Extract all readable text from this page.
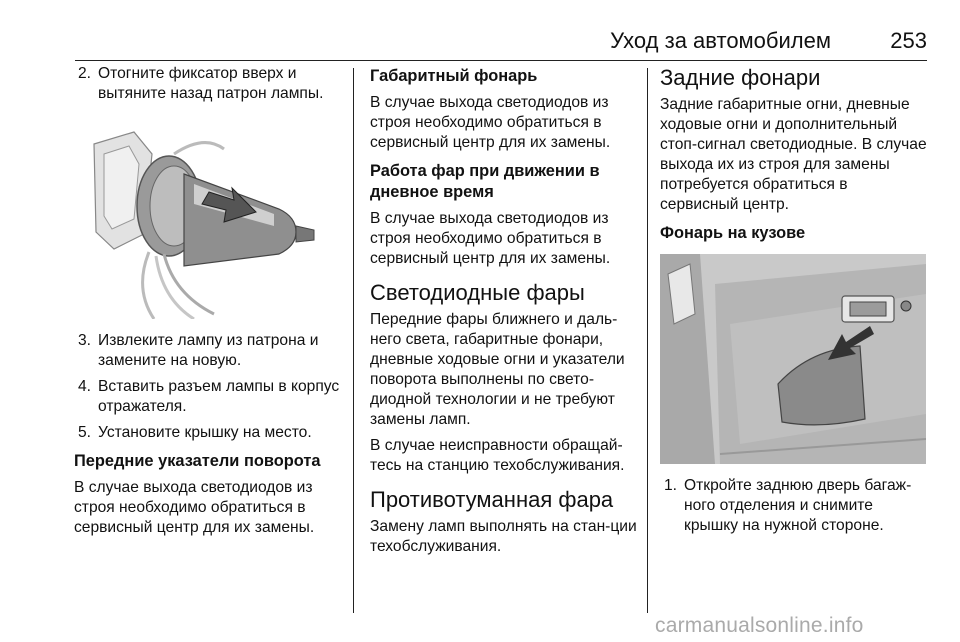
Уход за автомобилем	253
2. Отогните фиксатор вверх и вытяните назад патрон лампы.
3. Извлеките лампу из патрона и замените на новую.
4. Вставить разъем лампы в корпус отражателя.
5. Установите крышку на место.
Передние указатели поворота
В случае выхода светодиодов из строя необходимо обратиться в сервисный центр для их замены.
Габаритный фонарь
В случае выхода светодиодов из строя необходимо обратиться в сервисный центр для их замены.
Работа фар при движении в дневное время
В случае выхода светодиодов из строя необходимо обратиться в сервисный центр для их замены.
Светодиодные фары
Передние фары ближнего и даль-него света, габаритные фонари, дневные ходовые огни и указатели поворота выполнены по свето-диодной технологии и не требуют замены ламп.
В случае неисправности обращай-тесь на станцию техобслуживания.
Противотуманная фара
Замену ламп выполнять на стан-ции техобслуживания.
Задние фонари
Задние габаритные огни, дневные ходовые огни и дополнительный стоп-сигнал светодиодные. В случае выхода их из строя для замены потребуется обратиться в сервисный центр.
Фонарь на кузове
1. Откройте заднюю дверь багаж-ного отделения и снимите крышку на нужной стороне.
carmanualsonline.info
